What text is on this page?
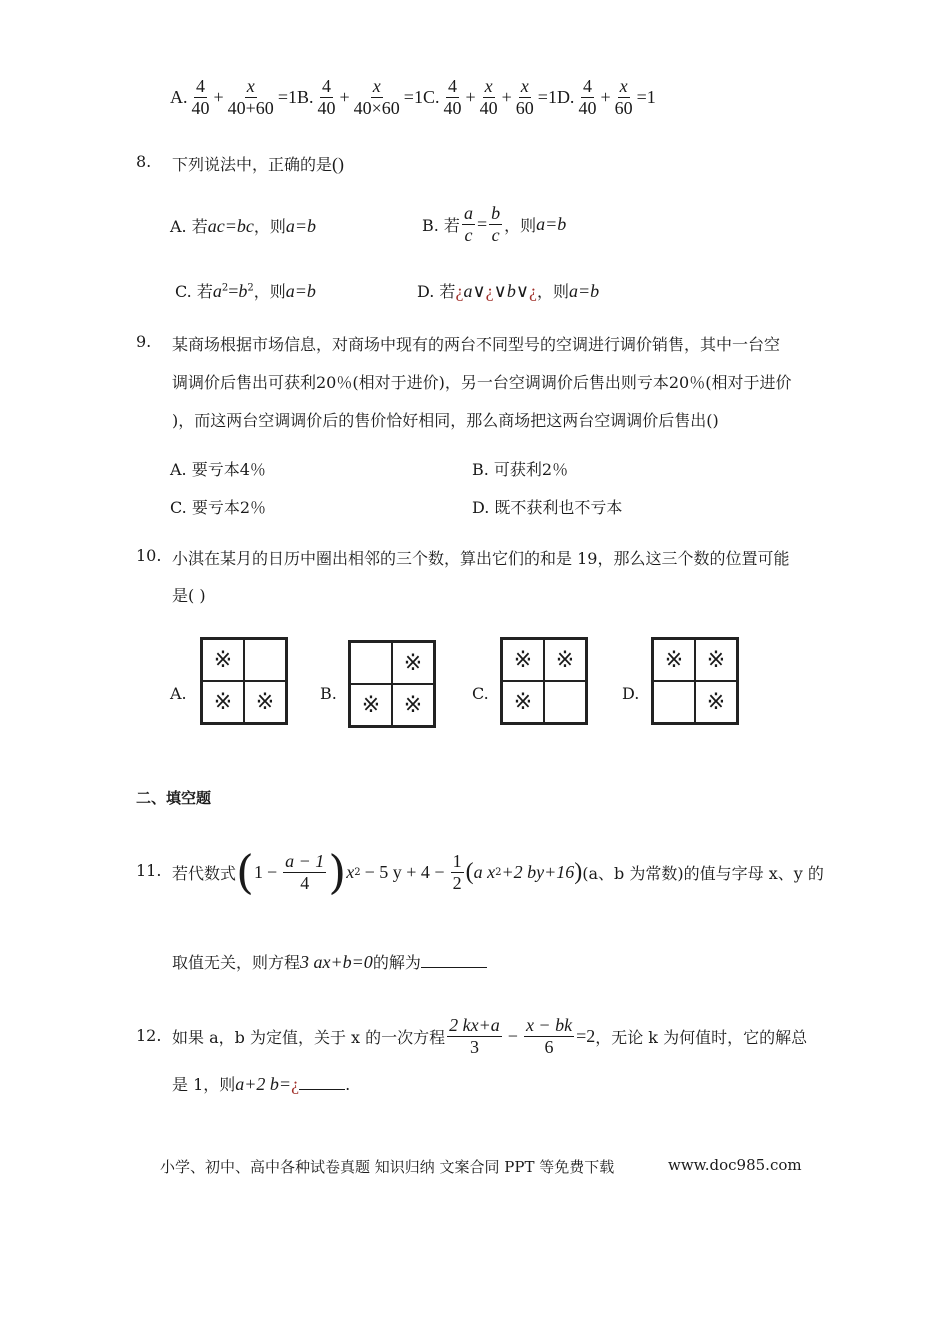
A. $\frac{4}{40} + \frac{x}{40+60} = 1B$. $\frac{4}{40} + \frac{x}{40\times 60} = 1C$. $\frac{4}{40} + \frac{x}{40} + \frac{x}{60} = 1D$. $\frac{4}{40} + \frac{x}{60} = 1$
8. 下列说法中，正确的是()
A. 若ac=bc，则a=b	B. 若 $\frac{a}{c} = \frac{b}{c}$ ，则 a=b
C. 若$a^2=b^2$，则a=b	D. 若¿a∨¿∨b∨¿，则a=b
9. 某商场根据市场信息，对商场中现有的两台不同型号的空调进行调价销售，其中一台空
调调价后售出可获利20％(相对于进价)，另一台空调调价后售出则亏本20％(相对于进价
)，而这两台空调调价后的售价恰好相同，那么商场把这两台空调调价后售出()
A. 要亏本4％	B. 可获利2％
C. 要亏本2％	D. 既不获利也不亏本
10. 小淇在某月的日历中圈出相邻的三个数，算出它们的和是 19，那么这三个数的位置可能
是( )
A.
※
※	※	B.
※
※	※	C.
※	※
※	D.
※	※
※
二、填空题
11. 若代数式 ( $1 - \frac{a - 1}{4}$ ) x 2 − 5 $y + 4 - \frac{1}{2}$ ( a x 2 +2 by+16 ) (a、b 为常数)的值与字母 x、y 的
取值无关，则方程3 ax+b=0的解为
12. 如果 a，b 为定值，关于 x 的一次方程 $\frac{2 kx+a}{3} - \frac{x - bk}{6} =2$ ，无论 k 为何值时，它的解总
是 1，则a+2 b=¿	.
小学、初中、高中各种试卷真题 知识归纳 文案合同 PPT 等免费下载	www.doc985.com
